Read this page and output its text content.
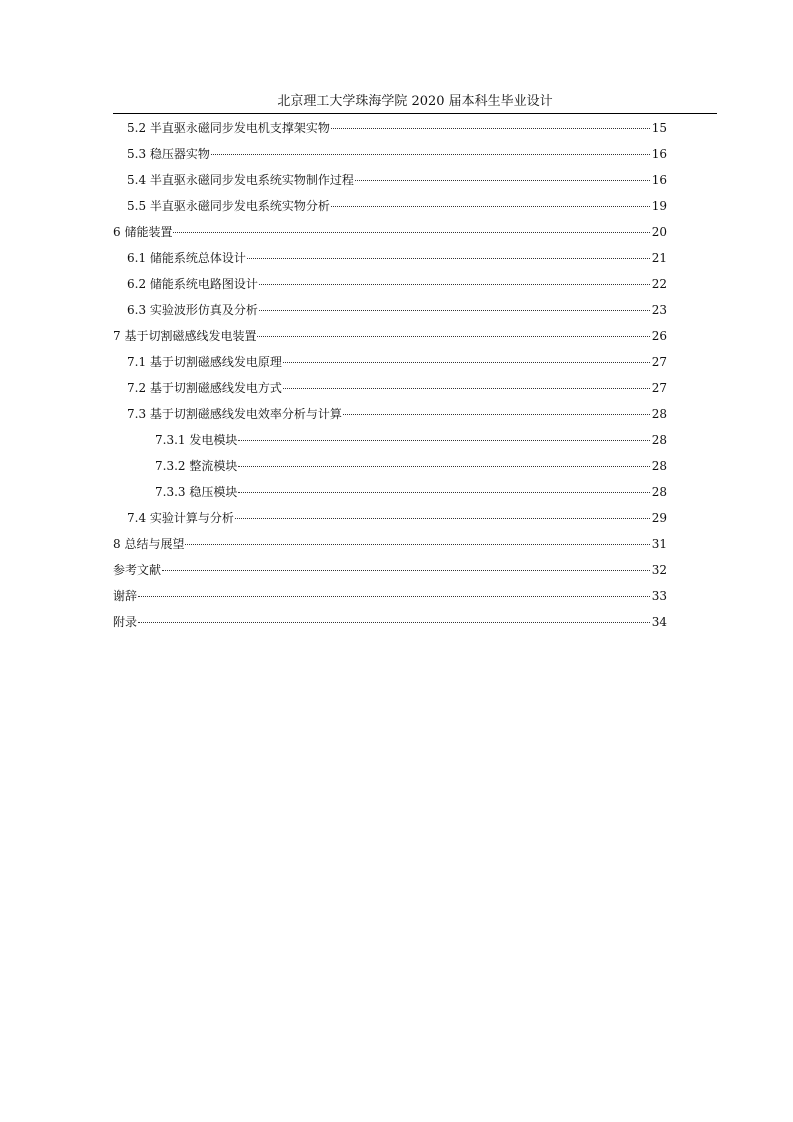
北京理工大学珠海学院 2020 届本科生毕业设计
5.2 半直驱永磁同步发电机支撑架实物	15
5.3 稳压器实物	16
5.4 半直驱永磁同步发电系统实物制作过程	16
5.5 半直驱永磁同步发电系统实物分析	19
6 储能装置	20
6.1 储能系统总体设计	21
6.2 储能系统电路图设计	22
6.3 实验波形仿真及分析	23
7 基于切割磁感线发电装置	26
7.1 基于切割磁感线发电原理	27
7.2 基于切割磁感线发电方式	27
7.3 基于切割磁感线发电效率分析与计算	28
7.3.1 发电模块	28
7.3.2 整流模块	28
7.3.3 稳压模块	28
7.4 实验计算与分析	29
8 总结与展望	31
参考文献	32
谢辞	33
附录	34
